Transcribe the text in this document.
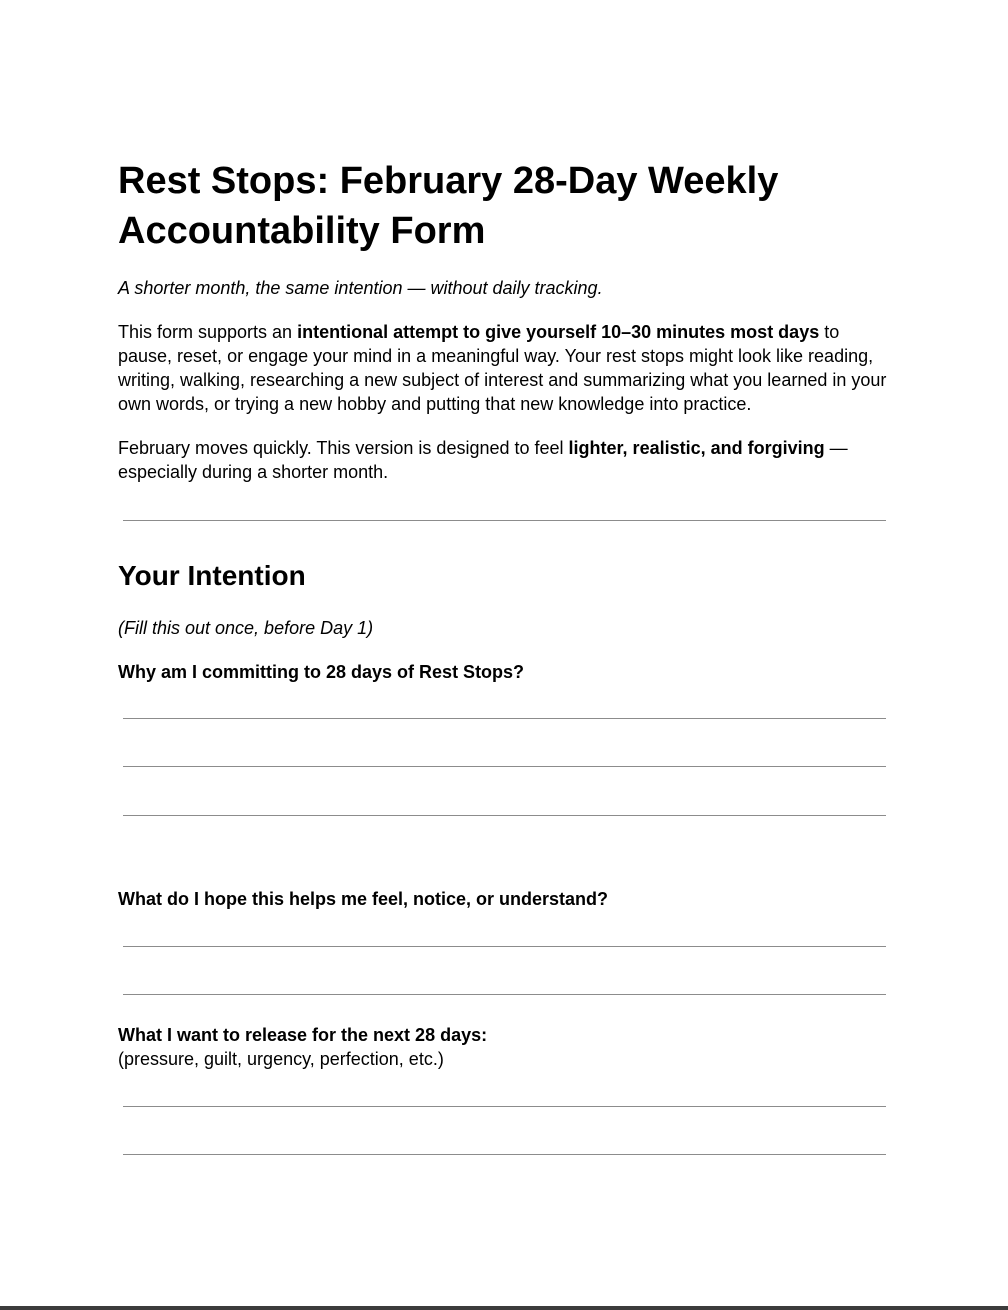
Rest Stops: February 28-Day Weekly Accountability Form

A shorter month, the same intention — without daily tracking.

This form supports an intentional attempt to give yourself 10–30 minutes most days to pause, reset, or engage your mind in a meaningful way. Your rest stops might look like reading, writing, walking, researching a new subject of interest and summarizing what you learned in your own words, or trying a new hobby and putting that new knowledge into practice.

February moves quickly. This version is designed to feel lighter, realistic, and forgiving — especially during a shorter month.

Your Intention

(Fill this out once, before Day 1)

Why am I committing to 28 days of Rest Stops?

What do I hope this helps me feel, notice, or understand?

What I want to release for the next 28 days:

(pressure, guilt, urgency, perfection, etc.)
